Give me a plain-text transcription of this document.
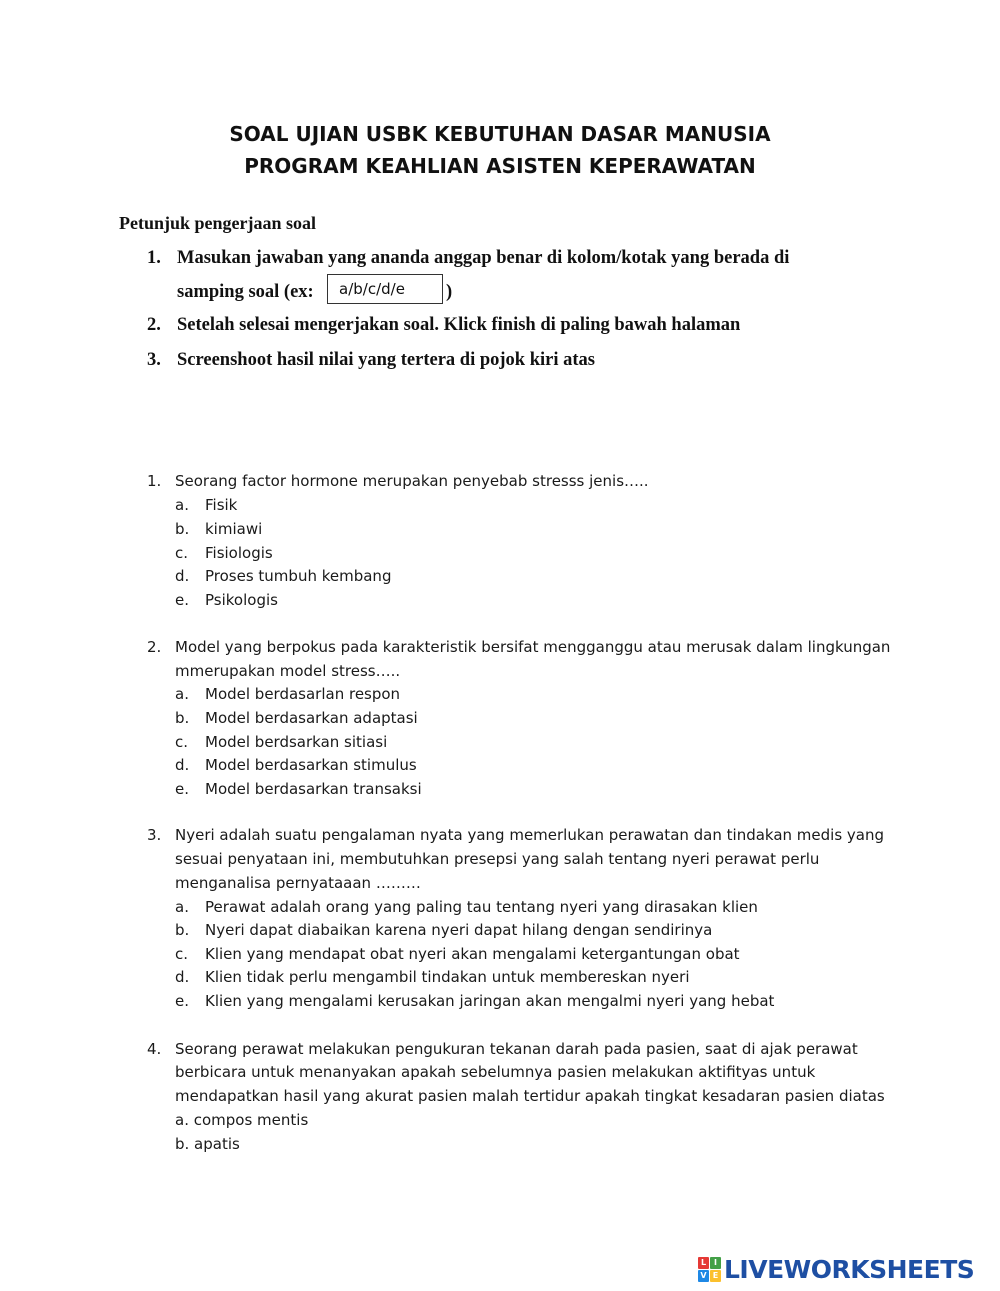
SOAL UJIAN USBK KEBUTUHAN DASAR MANUSIA
PROGRAM KEAHLIAN ASISTEN KEPERAWATAN
Petunjuk pengerjaan soal
1. Masukan jawaban yang ananda anggap benar di kolom/kotak yang berada di
samping soal (ex:	)
a/b/c/d/e
2. Setelah selesai mengerjakan soal. Klick finish di paling bawah halaman
3. Screenshoot hasil nilai yang tertera di pojok kiri atas
1. Seorang factor hormone merupakan penyebab stresss jenis…..
a. Fisik
b. kimiawi
c. Fisiologis
d. Proses tumbuh kembang
e. Psikologis
2. Model yang berpokus pada karakteristik bersifat mengganggu atau merusak dalam lingkungan
mmerupakan model stress…..
a. Model berdasarlan respon
b. Model berdasarkan adaptasi
c. Model berdsarkan sitiasi
d. Model berdasarkan stimulus
e. Model berdasarkan transaksi
3. Nyeri adalah suatu pengalaman nyata yang memerlukan perawatan dan tindakan medis yang
sesuai penyataan ini, membutuhkan presepsi yang salah tentang nyeri perawat perlu
menganalisa pernyataaan ………
a. Perawat adalah orang yang paling tau tentang nyeri yang dirasakan klien
b. Nyeri dapat diabaikan karena nyeri dapat hilang dengan sendirinya
c. Klien yang mendapat obat nyeri akan mengalami ketergantungan obat
d. Klien tidak perlu mengambil tindakan untuk membereskan nyeri
e. Klien yang mengalami kerusakan jaringan akan mengalmi nyeri yang hebat
4. Seorang perawat melakukan pengukuran tekanan darah pada pasien, saat di ajak perawat
berbicara untuk menanyakan apakah sebelumnya pasien melakukan aktifityas untuk
mendapatkan hasil yang akurat pasien malah tertidur apakah tingkat kesadaran pasien diatas
a. compos mentis
b. apatis
L I
V E LIVEWORKSHEETS
